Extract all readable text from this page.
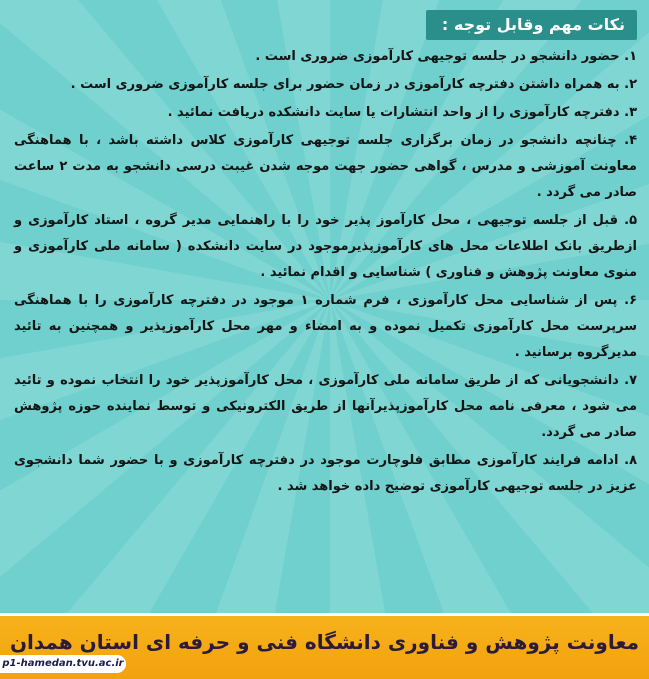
نکات مهم وقابل توجه :

۱. حضور دانشجو در جلسه توجیهی کارآموزی ضروری است .

۲. به همراه داشتن دفترچه کارآموزی در زمان حضور برای جلسه کارآموزی ضروری است .

۳. دفترچه کارآموزی را از واحد انتشارات یا سایت دانشکده دریافت نمائید .

۴. چنانچه دانشجو در زمان برگزاری جلسه توجیهی کارآموزی کلاس داشته باشد ، با هماهنگی معاونت آموزشی و مدرس ، گواهی حضور جهت موجه شدن غیبت درسی دانشجو به مدت ۲ ساعت صادر می گردد .

۵. قبل از جلسه توجیهی ، محل کارآموز پذیر خود را با راهنمایی مدیر گروه ، استاد کارآموزی و ازطریق بانک اطلاعات محل های کارآموزپذیرموجود در سایت دانشکده ( سامانه ملی کارآموزی و منوی معاونت پژوهش و فناوری ) شناسایی و اقدام نمائید .

۶. پس از شناسایی محل کارآموزی ، فرم شماره ۱ موجود در دفترچه کارآموزی را با هماهنگی سرپرست محل کارآموزی تکمیل نموده و به امضاء و مهر محل کارآموزپذیر و همچنین به تائید مدیرگروه برسانید .

۷. دانشجویانی که از طریق سامانه ملی کارآموزی ، محل کارآموزپذیر خود را انتخاب نموده و تائید می شود ، معرفی نامه محل کارآموزپذیرآنها از طریق الکترونیکی و توسط نماینده حوزه پژوهش صادر می گردد.

۸. ادامه فرایند کارآموزی مطابق فلوچارت موجود در دفترچه کارآموزی و با حضور شما دانشجوی عزیز در جلسه توجیهی کارآموزی توضیح داده خواهد شد .

معاونت پژوهش و فناوری دانشگاه فنی و حرفه ای استان همدان
p1-hamedan.tvu.ac.ir
